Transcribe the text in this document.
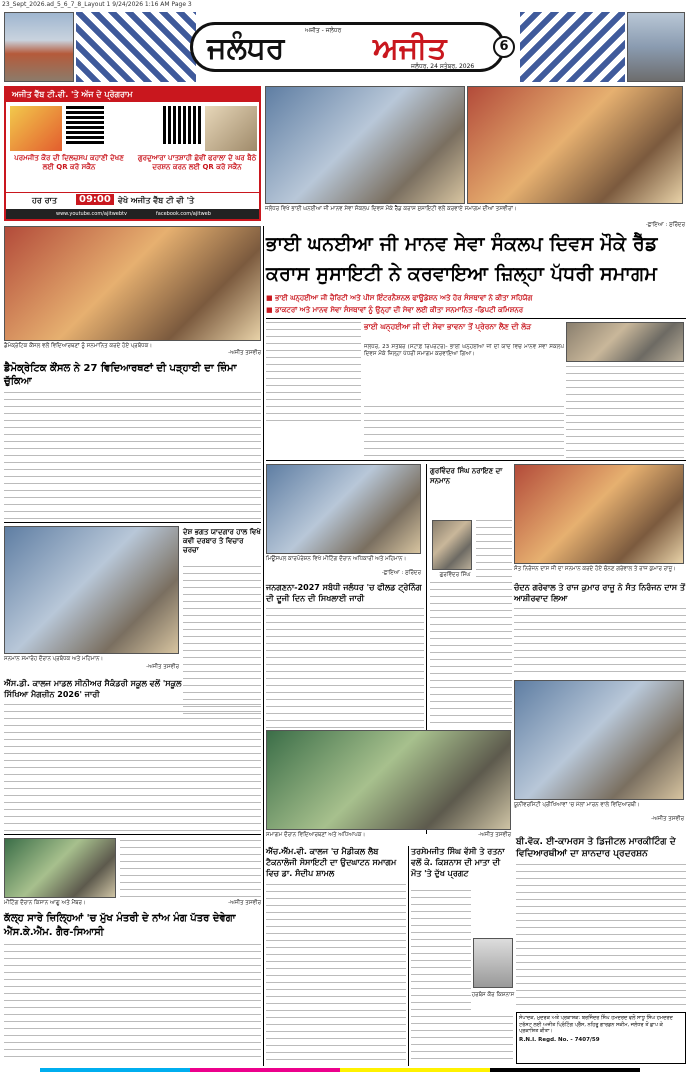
23_Sept_2026.ad_5_6_7_8_Layout 1 9/24/2026 1:16 AM Page 3
ਅਜੀਤ - ਜਲੰਧਰ
ਜਲੰਧਰ	ਅਜੀਤ
ਜਲੰਧਰ, 24 ਸਤੰਬਰ, 2026
6
ਅਜੀਤ ਵੈੱਬ ਟੀ.ਵੀ. 'ਤੇ ਅੱਜ ਦੇ ਪ੍ਰੋਗਰਾਮ
ਪਰਮਜੀਤ ਕੌਰ ਦੀ ਦਿਲਚਸਪ ਕਹਾਣੀ ਦੇਖਣ ਲਈ QR ਕਰੋ ਸਕੈਨ
ਗੁਰਦੁਆਰਾ ਪਾਤਸ਼ਾਹੀ ਛੇਵੀਂ ਫਰਾਲਾ ਦੇ ਘਰ ਬੈਠੇ ਦਰਸ਼ਨ ਕਰਨ ਲਈ QR ਕਰੋ ਸਕੈਨ
ਹਰ ਰਾਤ	09:00 ਵੇਖੋ ਅਜੀਤ ਵੈੱਬ ਟੀ ਵੀ 'ਤੇ
www.youtube.com/ajitwebtv	facebook.com/ajitweb
ਜਲੰਧਰ ਵਿਖੇ ਭਾਈ ਘਨਈਆ ਜੀ ਮਾਨਵ ਸੇਵਾ ਸੰਕਲਪ ਦਿਵਸ ਮੌਕੇ ਰੈੱਡ ਕਰਾਸ ਸੁਸਾਇਟੀ ਵਲੋਂ ਕਰਵਾਏ ਸਮਾਗਮ ਦੀਆਂ ਤਸਵੀਰਾਂ।
-ਛਾਇਆ : ਸੁਰਿੰਦਰ
ਡੈਮੋਕ੍ਰੇਟਿਕ ਕੌਂਸਲ ਵਲੋਂ ਵਿਦਿਆਰਥਣਾਂ ਨੂੰ ਸਨਮਾਨਿਤ ਕਰਦੇ ਹੋਏ ਪ੍ਰਬੰਧਕ।
-ਅਜੀਤ ਤਸਵੀਰ
ਭਾਈ ਘਨਈਆ ਜੀ ਮਾਨਵ ਸੇਵਾ ਸੰਕਲਪ ਦਿਵਸ ਮੌਕੇ ਰੈੱਡ
ਕਰਾਸ ਸੁਸਾਇਟੀ ਨੇ ਕਰਵਾਇਆ ਜ਼ਿਲ੍ਹਾ ਪੱਧਰੀ ਸਮਾਗਮ
■ ਭਾਈ ਘਨ੍ਹਈਆ ਜੀ ਚੈਰਿਟੀ ਅਤੇ ਪੀਸ ਇੰਟਰਨੈਸ਼ਨਲ ਫਾਊਂਡੇਸ਼ਨ ਅਤੇ ਹੋਰ ਸੰਸਥਾਵਾਂ ਨੇ ਕੀਤਾ ਸਹਿਯੋਗ
■ ਡਾਕਟਰਾਂ ਅਤੇ ਮਾਨਵ ਸੇਵਾ ਸੰਸਥਾਵਾਂ ਨੂੰ ਉਨ੍ਹਾਂ ਦੀ ਸੇਵਾ ਲਈ ਕੀਤਾ ਸਨਮਾਨਿਤ -ਡਿਪਟੀ ਕਮਿਸ਼ਨਰ
ਡੈਮੋਕ੍ਰੇਟਿਕ ਕੌਂਸਲ ਨੇ 27 ਵਿਦਿਆਰਥਣਾਂ ਦੀ ਪੜ੍ਹਾਈ ਦਾ ਜ਼ਿੰਮਾ ਚੁੱਕਿਆ
ਦੇਸ਼ ਭਗਤ ਯਾਦਗਾਰ ਹਾਲ ਵਿਖੇ ਕਵੀ ਦਰਬਾਰ ਤੇ ਵਿਚਾਰ ਚਰਚਾ
ਸਨਮਾਨ ਸਮਾਰੋਹ ਦੌਰਾਨ ਪ੍ਰਬੰਧਕ ਅਤੇ ਮਹਿਮਾਨ।
-ਅਜੀਤ ਤਸਵੀਰ
ਐੱਸ.ਡੀ. ਕਾਲਜ ਮਾਡਲ ਸੀਨੀਅਰ ਸੈਕੰਡਰੀ ਸਕੂਲ ਵਲੋਂ 'ਸਕੂਲ ਸਿੱਖਿਆ ਮੈਗਜ਼ੀਨ 2026' ਜਾਰੀ
ਮੀਟਿੰਗ ਦੌਰਾਨ ਕਿਸਾਨ ਆਗੂ ਅਤੇ ਮੈਂਬਰ।	-ਅਜੀਤ ਤਸਵੀਰ
ਕੱਲ੍ਹ ਸਾਰੇ ਜ਼ਿਲ੍ਹਿਆਂ 'ਚ ਮੁੱਖ ਮੰਤਰੀ ਦੇ ਨਾਂਅ ਮੰਗ ਪੱਤਰ ਦੇਵੇਗਾ ਐੱਸ.ਕੇ.ਐੱਮ. ਗੈਰ-ਸਿਆਸੀ
ਭਾਈ ਘਨ੍ਹਈਆ ਜੀ ਦੀ ਸੇਵਾ ਭਾਵਨਾ ਤੋਂ ਪ੍ਰੇਰਨਾ ਲੈਣ ਦੀ ਲੋੜ
ਜਲੰਧਰ, 23 ਸਤੰਬਰ (ਸਟਾਫ਼ ਰਿਪੋਰਟਰ)- ਭਾਈ ਘਨ੍ਹਈਆ ਜੀ ਦੀ ਯਾਦ ਵਿਚ ਮਾਨਵ ਸੇਵਾ ਸੰਕਲਪ ਦਿਵਸ ਮੌਕੇ ਜ਼ਿਲ੍ਹਾ ਪੱਧਰੀ ਸਮਾਗਮ ਕਰਵਾਇਆ ਗਿਆ।
ਮਿਊਂਸਪਲ ਕਾਰਪੋਰੇਸ਼ਨ ਵਿਖੇ ਮੀਟਿੰਗ ਦੌਰਾਨ ਅਧਿਕਾਰੀ ਅਤੇ ਮਹਿਮਾਨ।
-ਛਾਇਆ : ਸੁਰਿੰਦਰ
ਜਨਗਣਨਾ-2027 ਸਬੰਧੀ ਜਲੰਧਰ 'ਚ ਫੀਲਡ ਟ੍ਰੇਨਿੰਗ ਦੀ ਦੂਜੀ ਦਿਨ ਦੀ ਸਿਖਲਾਈ ਜਾਰੀ
ਗੁਰਵਿੰਦਰ ਸਿੰਘ ਨਰਾਇਣ ਦਾ ਸਨਮਾਨ
ਗੁਰਵਿੰਦਰ ਸਿੰਘ
ਸੰਤ ਨਿਰੰਜਨ ਦਾਸ ਜੀ ਦਾ ਸਨਮਾਨ ਕਰਦੇ ਹੋਏ ਚੰਨਣ ਗਰੇਵਾਲ ਤੇ ਰਾਜ ਕੁਮਾਰ ਰਾਜੂ।
ਚੰਦਨ ਗਰੇਵਾਲ ਤੇ ਰਾਜ ਕੁਮਾਰ ਰਾਜੂ ਨੇ ਸੰਤ ਨਿਰੰਜਨ ਦਾਸ ਤੋਂ ਆਸ਼ੀਰਵਾਦ ਲਿਆ
ਯੂਨੀਵਰਸਿਟੀ ਪ੍ਰੀਖਿਆਵਾਂ 'ਚ ਮੱਲਾਂ ਮਾਰਨ ਵਾਲੇ ਵਿਦਿਆਰਥੀ।
-ਅਜੀਤ ਤਸਵੀਰ
ਸਮਾਗਮ ਦੌਰਾਨ ਵਿਦਿਆਰਥਣਾਂ ਅਤੇ ਅਧਿਆਪਕ।	-ਅਜੀਤ ਤਸਵੀਰ
ਐੱਚ.ਐੱਮ.ਵੀ. ਕਾਲਜ 'ਚ ਮੈਡੀਕਲ ਲੈਬ ਟੈਕਨਾਲੋਜੀ ਸੋਸਾਇਟੀ ਦਾ ਉਦਘਾਟਨ ਸਮਾਗਮ ਵਿਚ ਡਾ. ਸੰਦੀਪ ਸ਼ਾਮਲ
ਤਰਸੇਮਜੀਤ ਸਿੰਘ ਵੱਸੀ ਤੇ ਰਤਨਾ ਵਲੋਂ ਕੇ. ਕਿਸ਼ਨਾਸ ਦੀ ਮਾਤਾ ਦੀ ਮੌਤ 'ਤੇ ਦੁੱਖ ਪ੍ਰਗਟ
ਹਰਬੰਸ ਕੌਰ ਕਿਸ਼ਨਾਸ
ਬੀ.ਵੋਕ. ਈ-ਕਾਮਰਸ ਤੇ ਡਿਜੀਟਲ ਮਾਰਕੀਟਿੰਗ ਦੇ ਵਿਦਿਆਰਥੀਆਂ ਦਾ ਸ਼ਾਨਦਾਰ ਪ੍ਰਦਰਸ਼ਨ
ਸੰਪਾਦਕ, ਮੁਦਰਕ ਅਤੇ ਪ੍ਰਕਾਸ਼ਕ: ਬਰਜਿੰਦਰ ਸਿੰਘ ਹਮਦਰਦ ਵਲੋਂ ਸਾਧੂ ਸਿੰਘ ਹਮਦਰਦ ਟਰੱਸਟ ਲਈ ਅਜੀਤ ਪ੍ਰਿੰਟਿੰਗ ਪ੍ਰੈੱਸ, ਨਹਿਰੂ ਗਾਰਡਨ ਸਕੀਮ, ਜਲੰਧਰ ਤੋਂ ਛਾਪ ਕੇ ਪ੍ਰਕਾਸ਼ਿਤ ਕੀਤਾ।
R.N.I. Regd. No. - 7407/59
